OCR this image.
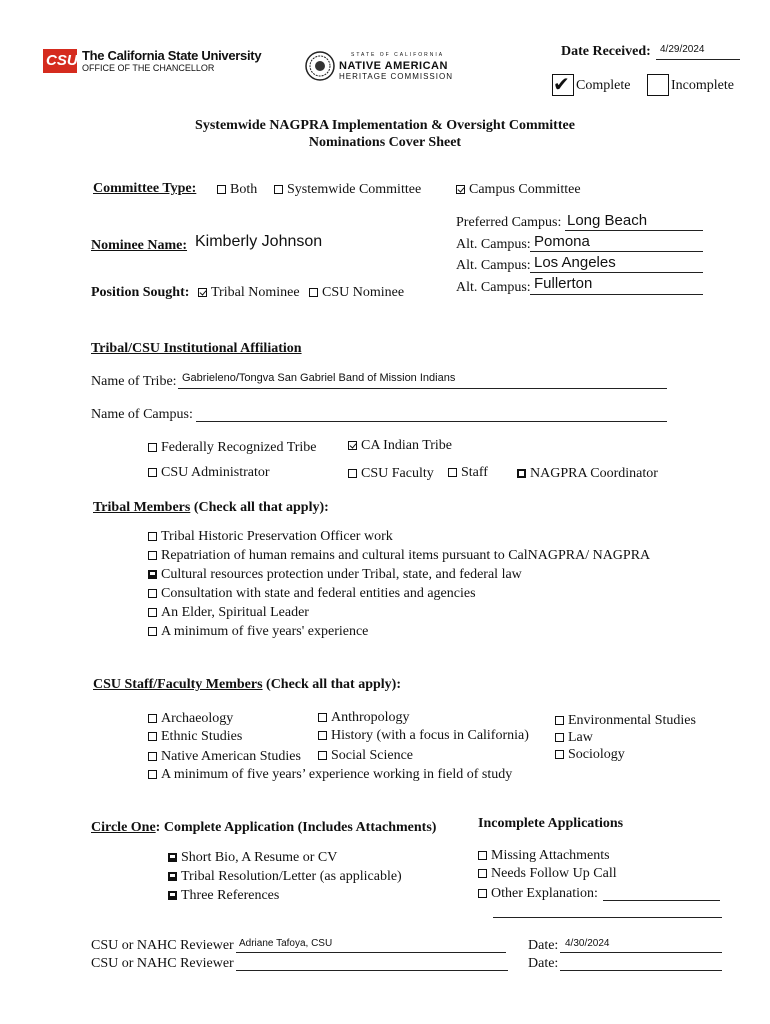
CSU The California State University
OFFICE OF THE CHANCELLOR
STATE OF CALIFORNIA
NATIVE AMERICAN
HERITAGE COMMISSION
Date Received: 4/29/2024
✔ Complete	Incomplete
Systemwide NAGPRA Implementation & Oversight Committee
Nominations Cover Sheet
Committee Type:	Both	Systemwide Committee	Campus Committee
Preferred Campus: Long Beach
Alt. Campus: Pomona
Alt. Campus: Los Angeles
Alt. Campus: Fullerton
Nominee Name: Kimberly Johnson
Position Sought:	Tribal Nominee	CSU Nominee
Tribal/CSU Institutional Affiliation
Name of Tribe: Gabrieleno/Tongva San Gabriel Band of Mission Indians
Name of Campus:
Federally Recognized Tribe	CA Indian Tribe
CSU Administrator	CSU Faculty	Staff	NAGPRA Coordinator
Tribal Members (Check all that apply):
Tribal Historic Preservation Officer work
Repatriation of human remains and cultural items pursuant to CalNAGPRA/ NAGPRA
Cultural resources protection under Tribal, state, and federal law
Consultation with state and federal entities and agencies
An Elder, Spiritual Leader
A minimum of five years' experience
CSU Staff/Faculty Members (Check all that apply):
Archaeology
Ethnic Studies
Native American Studies
Anthropology
History (with a focus in California)
Social Science
Environmental Studies
Law
Sociology
A minimum of five years’ experience working in field of study
Circle One: Complete Application (Includes Attachments)	Incomplete Applications
Short Bio, A Resume or CV
Tribal Resolution/Letter (as applicable)
Three References
Missing Attachments
Needs Follow Up Call
Other Explanation:
CSU or NAHC Reviewer Adriane Tafoya, CSU	Date: 4/30/2024
CSU or NAHC Reviewer	Date:
